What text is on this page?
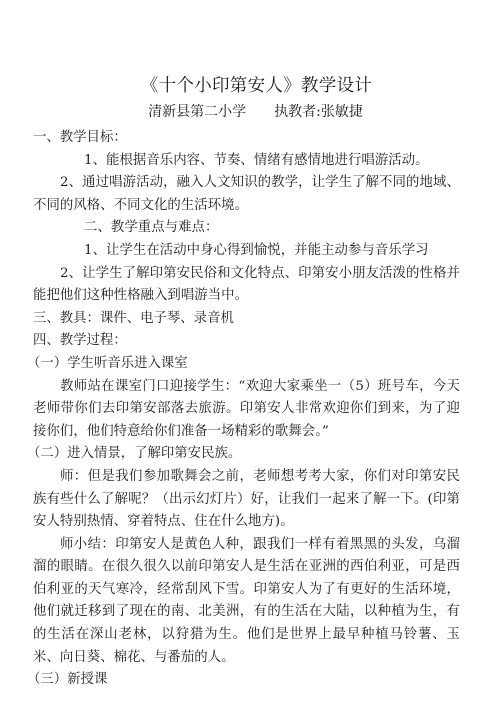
《十个小印第安人》教学设计
清新县第二小学　　执教者:张敏捷
一、教学目标：
1、能根据音乐内容、节奏、情绪有感情地进行唱游活动。
2、通过唱游活动，融入人文知识的教学，让学生了解不同的地域、不同的风格、不同文化的生活环境。
二、教学重点与难点：
1、让学生在活动中身心得到愉悦，并能主动参与音乐学习
2、让学生了解印第安民俗和文化特点、印第安小朋友活泼的性格并能把他们这种性格融入到唱游当中。
三、教具：课件、电子琴、录音机
四、教学过程：
（一）学生听音乐进入课室
教师站在课室门口迎接学生：“欢迎大家乘坐一（5）班号车，今天老师带你们去印第安部落去旅游。印第安人非常欢迎你们到来，为了迎接你们，他们特意给你们准备一场精彩的歌舞会。”
（二）进入情景，了解印第安民族。
师：但是我们参加歌舞会之前，老师想考考大家，你们对印第安民族有些什么了解呢？（出示幻灯片）好，让我们一起来了解一下。(印第安人特别热情、穿着特点、住在什么地方)。
师小结：印第安人是黄色人种，跟我们一样有着黑黑的头发，乌溜溜的眼睛。在很久很久以前印第安人是生活在亚洲的西伯利亚，可是西伯利亚的天气寒冷，经常刮风下雪。印第安人为了有更好的生活环境，他们就迁移到了现在的南、北美洲，有的生活在大陆，以种植为生，有的生活在深山老林，以狩猎为生。他们是世界上最早种植马铃薯、玉米、向日葵、棉花、与番茄的人。
（三）新授课
